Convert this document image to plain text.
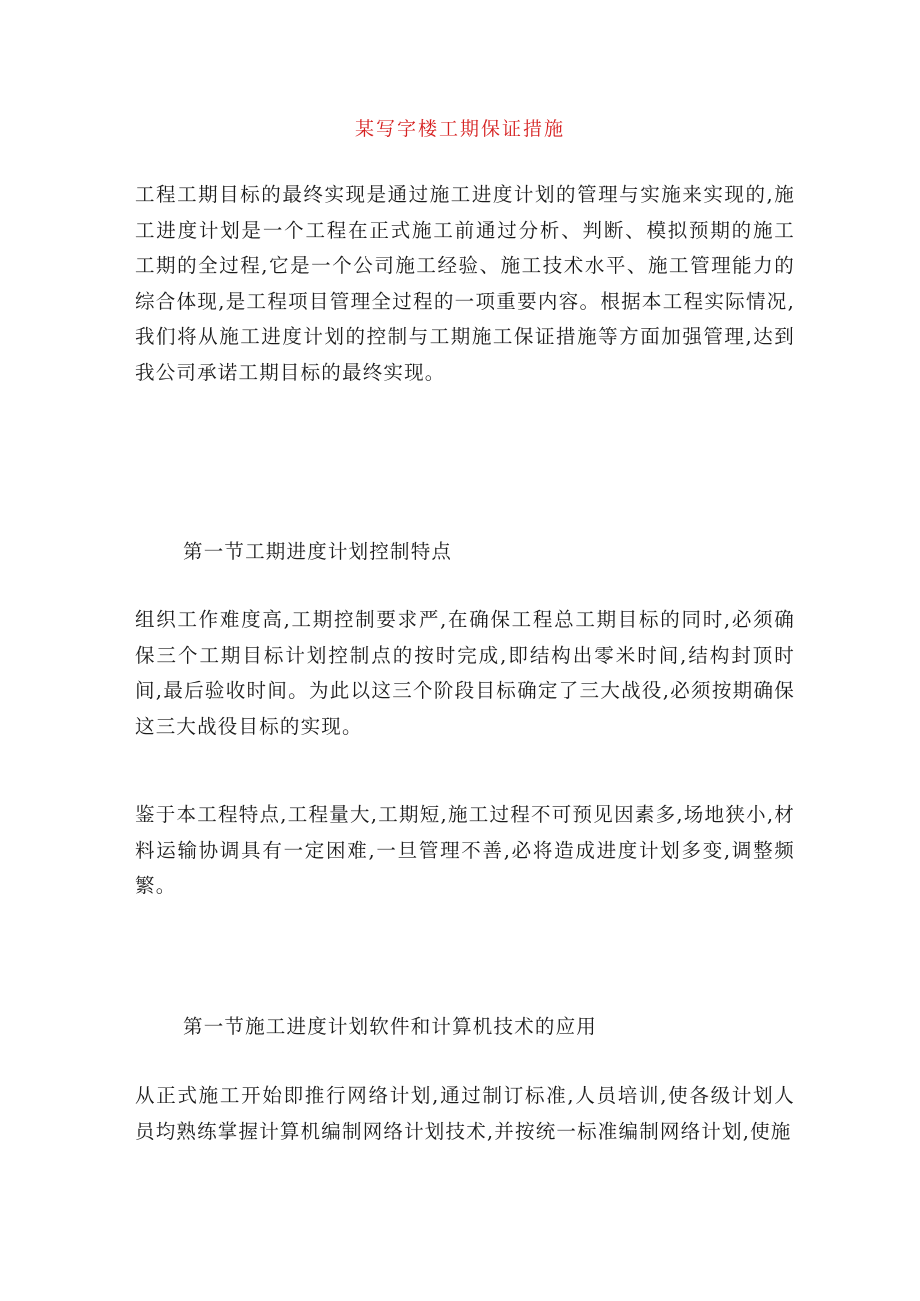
某写字楼工期保证措施

工程工期目标的最终实现是通过施工进度计划的管理与实施来实现的,施工进度计划是一个工程在正式施工前通过分析、判断、模拟预期的施工工期的全过程,它是一个公司施工经验、施工技术水平、施工管理能力的综合体现,是工程项目管理全过程的一项重要内容。根据本工程实际情况,我们将从施工进度计划的控制与工期施工保证措施等方面加强管理,达到我公司承诺工期目标的最终实现。

第一节工期进度计划控制特点

组织工作难度高,工期控制要求严,在确保工程总工期目标的同时,必须确保三个工期目标计划控制点的按时完成,即结构出零米时间,结构封顶时间,最后验收时间。为此以这三个阶段目标确定了三大战役,必须按期确保这三大战役目标的实现。

鉴于本工程特点,工程量大,工期短,施工过程不可预见因素多,场地狭小,材料运输协调具有一定困难,一旦管理不善,必将造成进度计划多变,调整频繁。

第一节施工进度计划软件和计算机技术的应用

从正式施工开始即推行网络计划,通过制订标准,人员培训,使各级计划人员均熟练掌握计算机编制网络计划技术,并按统一标准编制网络计划,使施
